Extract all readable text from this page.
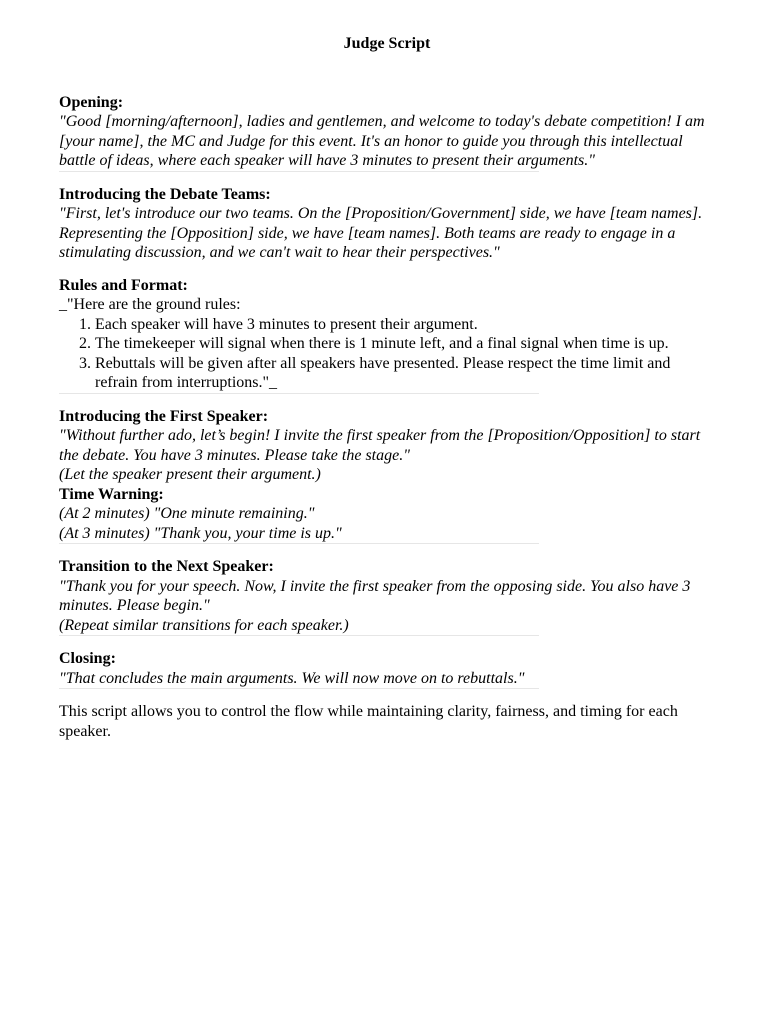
Judge Script
Opening:
"Good [morning/afternoon], ladies and gentlemen, and welcome to today's debate competition! I am [your name], the MC and Judge for this event. It's an honor to guide you through this intellectual battle of ideas, where each speaker will have 3 minutes to present their arguments."
Introducing the Debate Teams:
"First, let's introduce our two teams. On the [Proposition/Government] side, we have [team names]. Representing the [Opposition] side, we have [team names]. Both teams are ready to engage in a stimulating discussion, and we can't wait to hear their perspectives."
Rules and Format:
_"Here are the ground rules:
1. Each speaker will have 3 minutes to present their argument.
2. The timekeeper will signal when there is 1 minute left, and a final signal when time is up.
3. Rebuttals will be given after all speakers have presented. Please respect the time limit and refrain from interruptions."_
Introducing the First Speaker:
"Without further ado, let’s begin! I invite the first speaker from the [Proposition/Opposition] to start the debate. You have 3 minutes. Please take the stage."
(Let the speaker present their argument.)
Time Warning:
(At 2 minutes) "One minute remaining."
(At 3 minutes) "Thank you, your time is up."
Transition to the Next Speaker:
"Thank you for your speech. Now, I invite the first speaker from the opposing side. You also have 3 minutes. Please begin."
(Repeat similar transitions for each speaker.)
Closing:
"That concludes the main arguments. We will now move on to rebuttals."
This script allows you to control the flow while maintaining clarity, fairness, and timing for each speaker.
